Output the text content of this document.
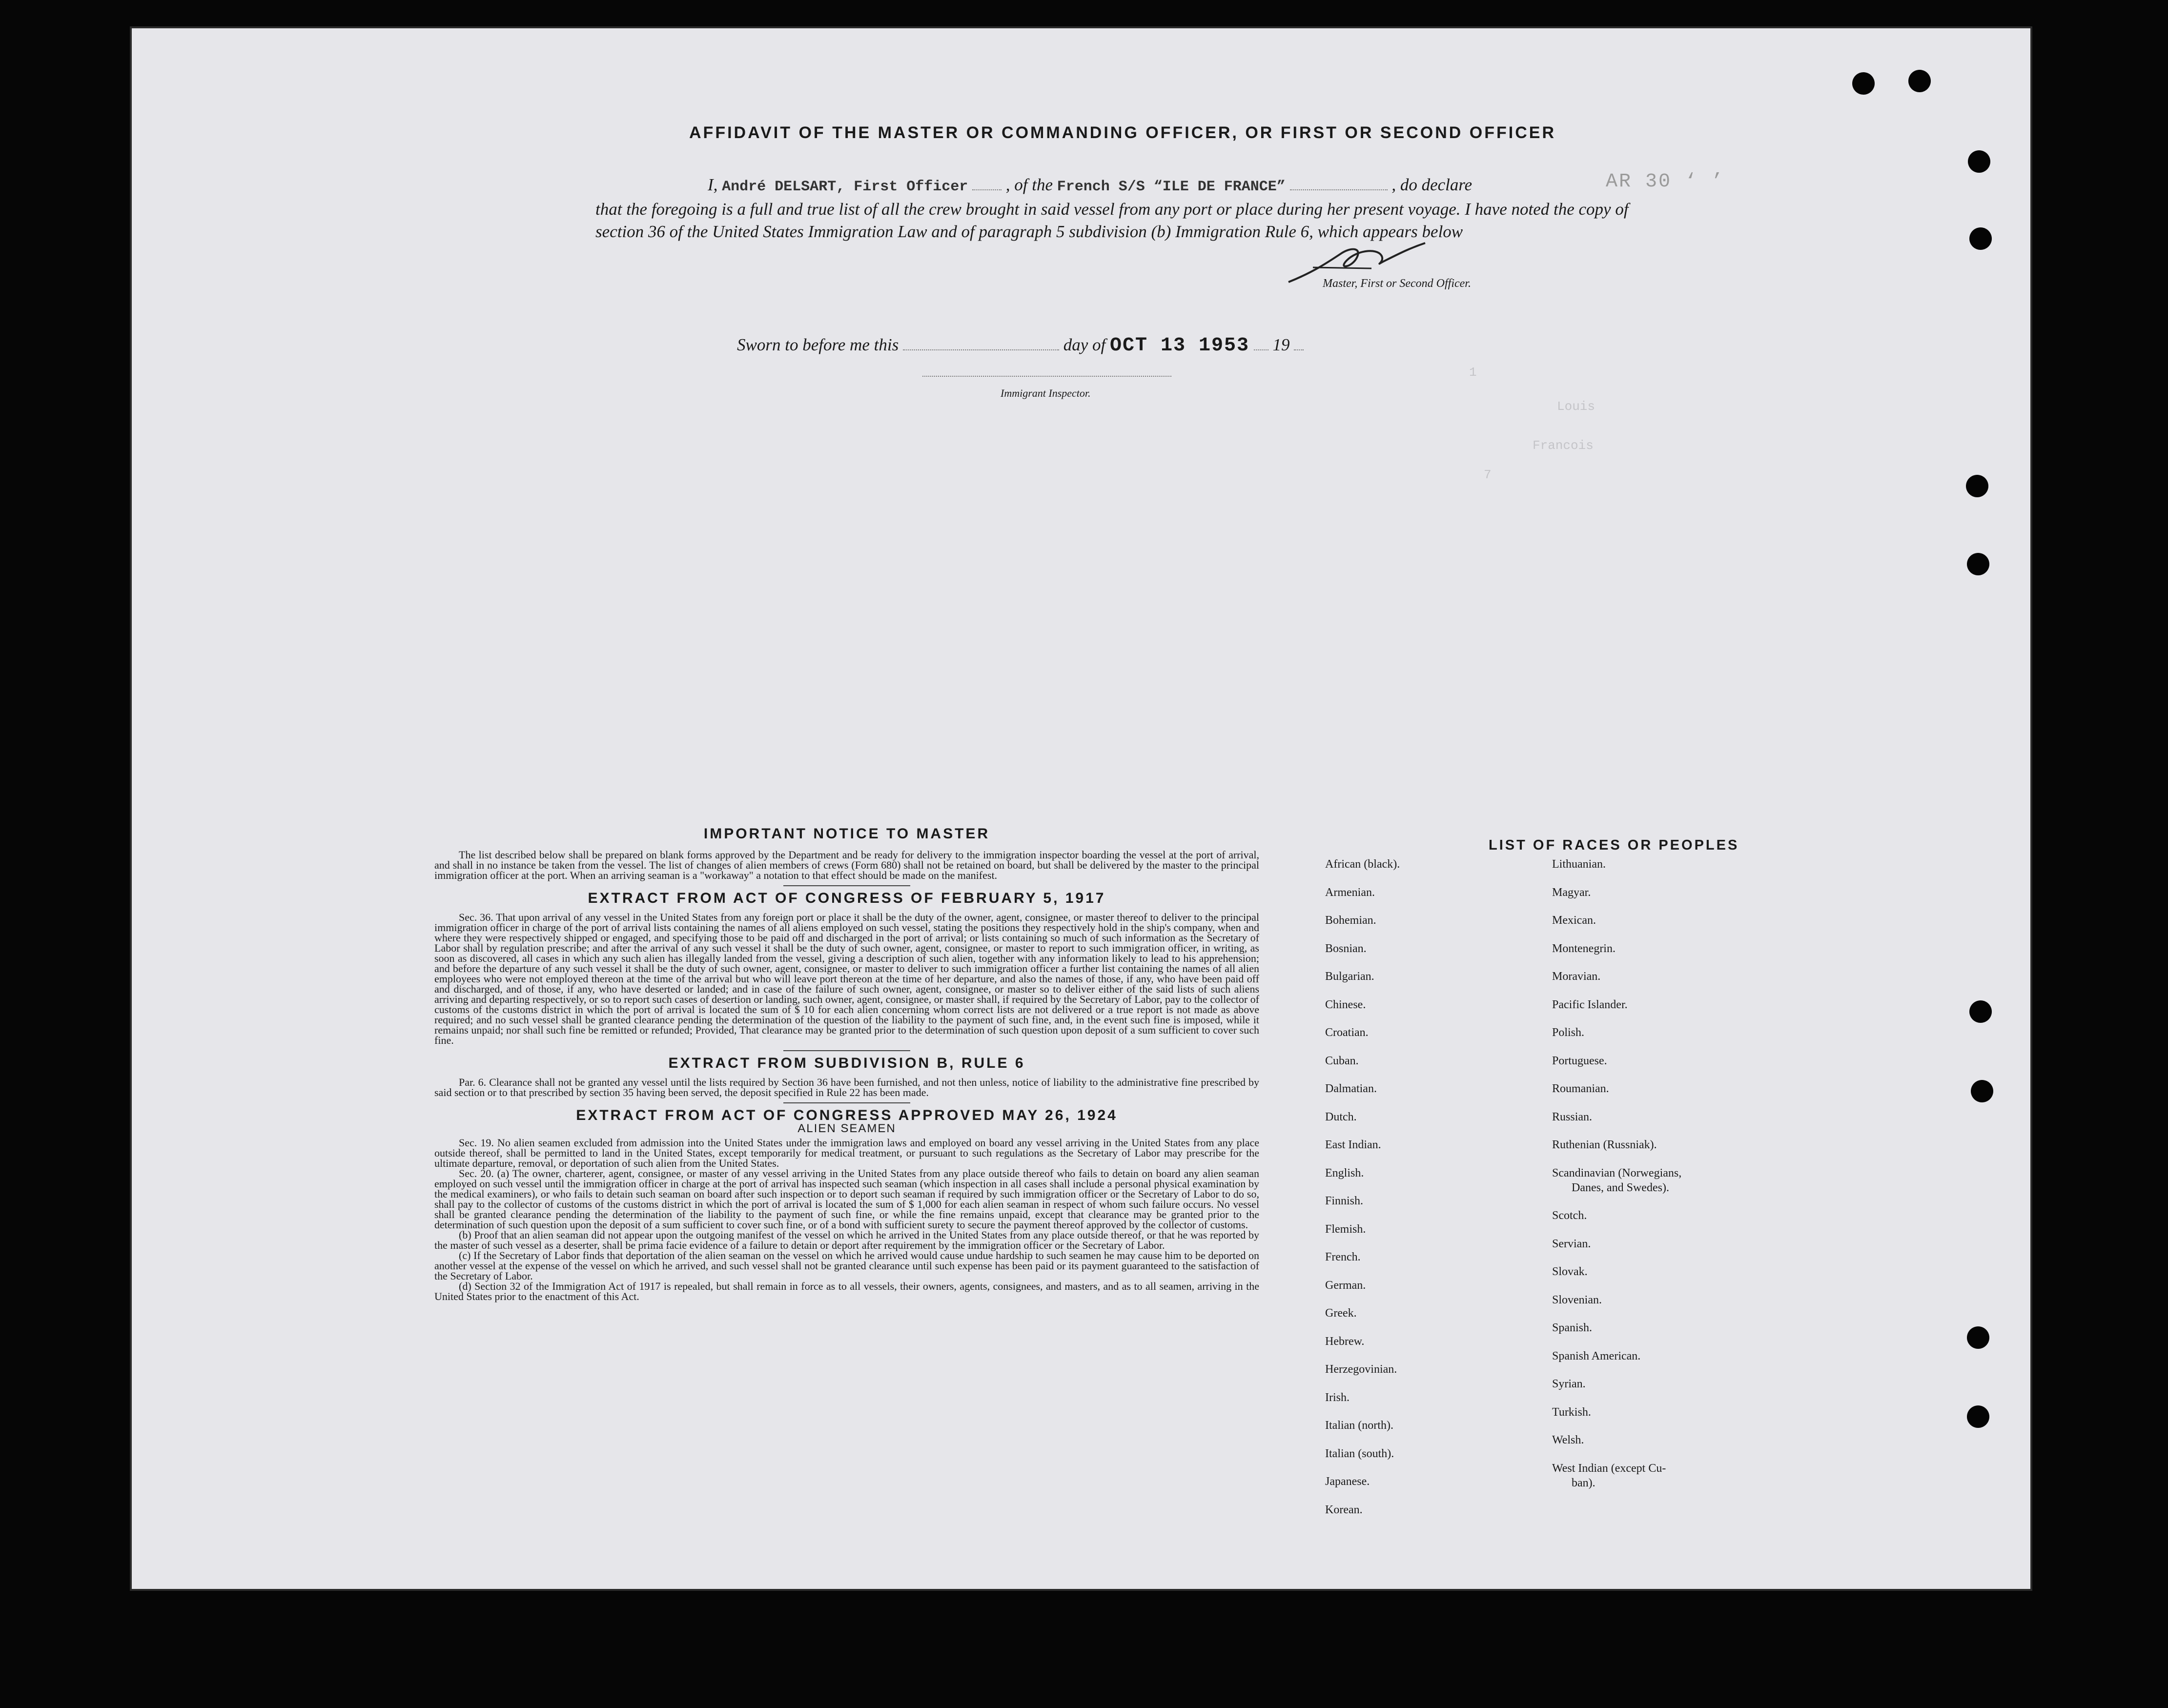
1
Louis
Francois
7
AFFIDAVIT OF THE MASTER OR COMMANDING OFFICER, OR FIRST OR SECOND OFFICER
I, André DELSART, First Officer , of the French S/S “ILE DE FRANCE”	, do declare
that the foregoing is a full and true list of all the crew brought in said vessel from any port or place during her present voyage. I have noted the copy of section 36 of the United States Immigration Law and of paragraph 5 subdivision (b) Immigration Rule 6, which appears below
AR 30 ‘ ’
Master, First or Second Officer.
Sworn to before me this	day of OCT 13 1953 19
Immigrant Inspector.
IMPORTANT NOTICE TO MASTER

The list described below shall be prepared on blank forms approved by the Department and be ready for delivery to the immigration inspector boarding the vessel at the port of arrival, and shall in no instance be taken from the vessel. The list of changes of alien members of crews (Form 680) shall not be retained on board, but shall be delivered by the master to the principal immigration officer at the port. When an arriving seaman is a "workaway" a notation to that effect should be made on the manifest.

EXTRACT FROM ACT OF CONGRESS OF FEBRUARY 5, 1917

Sec. 36. That upon arrival of any vessel in the United States from any foreign port or place it shall be the duty of the owner, agent, consignee, or master thereof to deliver to the principal immigration officer in charge of the port of arrival lists containing the names of all aliens employed on such vessel, stating the positions they respectively hold in the ship's company, when and where they were respectively shipped or engaged, and specifying those to be paid off and discharged in the port of arrival; or lists containing so much of such information as the Secretary of Labor shall by regulation prescribe; and after the arrival of any such vessel it shall be the duty of such owner, agent, consignee, or master to report to such immigration officer, in writing, as soon as discovered, all cases in which any such alien has illegally landed from the vessel, giving a description of such alien, together with any information likely to lead to his apprehension; and before the departure of any such vessel it shall be the duty of such owner, agent, consignee, or master to deliver to such immigration officer a further list containing the names of all alien employees who were not employed thereon at the time of the arrival but who will leave port thereon at the time of her departure, and also the names of those, if any, who have been paid off and discharged, and of those, if any, who have deserted or landed; and in case of the failure of such owner, agent, consignee, or master so to deliver either of the said lists of such aliens arriving and departing respectively, or so to report such cases of desertion or landing, such owner, agent, consignee, or master shall, if required by the Secretary of Labor, pay to the collector of customs of the customs district in which the port of arrival is located the sum of $ 10 for each alien concerning whom correct lists are not delivered or a true report is not made as above required; and no such vessel shall be granted clearance pending the determination of the question of the liability to the payment of such fine, and, in the event such fine is imposed, while it remains unpaid; nor shall such fine be remitted or refunded; Provided, That clearance may be granted prior to the determination of such question upon deposit of a sum sufficient to cover such fine.

EXTRACT FROM SUBDIVISION B, RULE 6

Par. 6. Clearance shall not be granted any vessel until the lists required by Section 36 have been furnished, and not then unless, notice of liability to the administrative fine prescribed by said section or to that prescribed by section 35 having been served, the deposit specified in Rule 22 has been made.

EXTRACT FROM ACT OF CONGRESS APPROVED MAY 26, 1924
ALIEN SEAMEN

Sec. 19. No alien seamen excluded from admission into the United States under the immigration laws and employed on board any vessel arriving in the United States from any place outside thereof, shall be permitted to land in the United States, except temporarily for medical treatment, or pursuant to such regulations as the Secretary of Labor may prescribe for the ultimate departure, removal, or deportation of such alien from the United States.

Sec. 20. (a) The owner, charterer, agent, consignee, or master of any vessel arriving in the United States from any place outside thereof who fails to detain on board any alien seaman employed on such vessel until the immigration officer in charge at the port of arrival has inspected such seaman (which inspection in all cases shall include a personal physical examination by the medical examiners), or who fails to detain such seaman on board after such inspection or to deport such seaman if required by such immigration officer or the Secretary of Labor to do so, shall pay to the collector of customs of the customs district in which the port of arrival is located the sum of $ 1,000 for each alien seaman in respect of whom such failure occurs. No vessel shall be granted clearance pending the determination of the liability to the payment of such fine, or while the fine remains unpaid, except that clearance may be granted prior to the determination of such question upon the deposit of a sum sufficient to cover such fine, or of a bond with sufficient surety to secure the payment thereof approved by the collector of customs.

(b) Proof that an alien seaman did not appear upon the outgoing manifest of the vessel on which he arrived in the United States from any place outside thereof, or that he was reported by the master of such vessel as a deserter, shall be prima facie evidence of a failure to detain or deport after requirement by the immigration officer or the Secretary of Labor.

(c) If the Secretary of Labor finds that deportation of the alien seaman on the vessel on which he arrived would cause undue hardship to such seamen he may cause him to be deported on another vessel at the expense of the vessel on which he arrived, and such vessel shall not be granted clearance until such expense has been paid or its payment guaranteed to the satisfaction of the Secretary of Labor.

(d) Section 32 of the Immigration Act of 1917 is repealed, but shall remain in force as to all vessels, their owners, agents, consignees, and masters, and as to all seamen, arriving in the United States prior to the enactment of this Act.

LIST OF RACES OR PEOPLES
African (black).
Armenian.
Bohemian.
Bosnian.
Bulgarian.
Chinese.
Croatian.
Cuban.
Dalmatian.
Dutch.
East Indian.
English.
Finnish.
Flemish.
French.
German.
Greek.
Hebrew.
Herzegovinian.
Irish.
Italian (north).
Italian (south).
Japanese.
Korean.
Lithuanian.
Magyar.
Mexican.
Montenegrin.
Moravian.
Pacific Islander.
Polish.
Portuguese.
Roumanian.
Russian.
Ruthenian (Russniak).
Scandinavian (Norwegians,
Danes, and Swedes).
Scotch.
Servian.
Slovak.
Slovenian.
Spanish.
Spanish American.
Syrian.
Turkish.
Welsh.
West Indian (except Cu-
ban).
